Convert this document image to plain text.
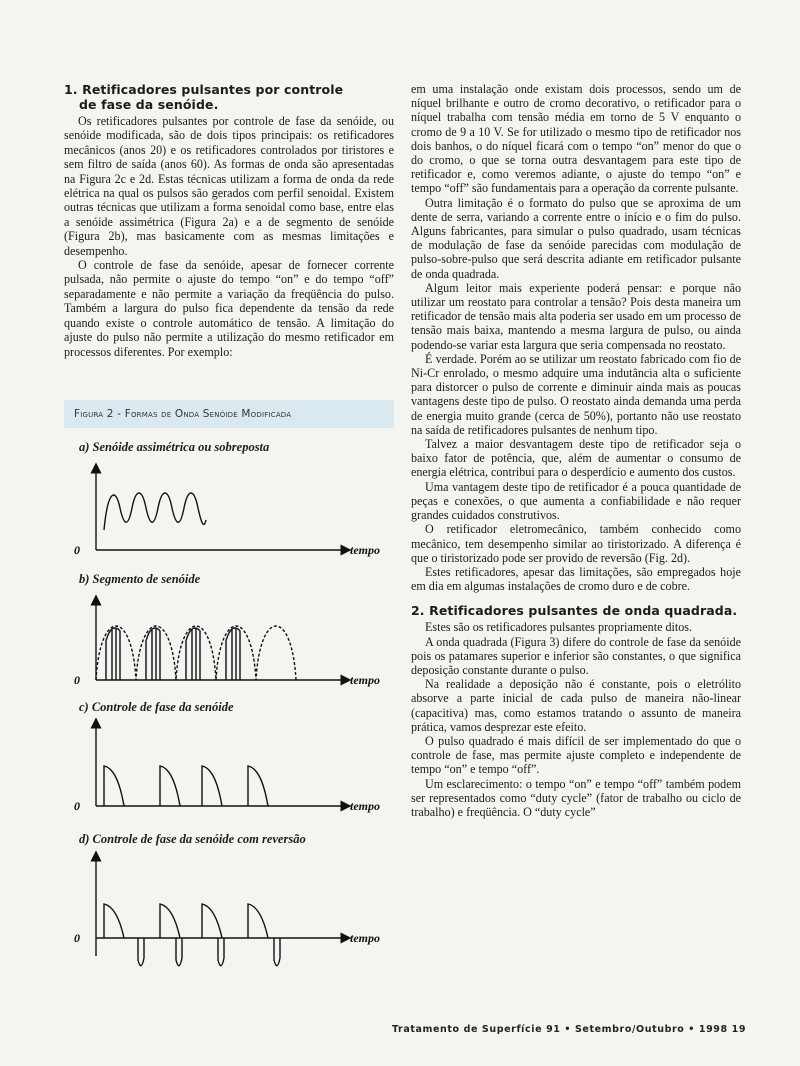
1. Retificadores pulsantes por controle
de fase da senóide.

Os retificadores pulsantes por controle de fase da senóide, ou senóide modificada, são de dois tipos principais: os retificadores mecânicos (anos 20) e os retificadores controlados por tiristores e sem filtro de saída (anos 60). As formas de onda são apresentadas na Figura 2c e 2d. Estas técnicas utilizam a forma de onda da rede elétrica na qual os pulsos são gerados com perfil senoidal. Existem outras técnicas que utilizam a forma senoidal como base, entre elas a senóide assimétrica (Figura 2a) e a de segmento de senóide (Figura 2b), mas basicamente com as mesmas limitações e desempenho.

O controle de fase da senóide, apesar de fornecer corrente pulsada, não permite o ajuste do tempo “on” e do tempo “off” separadamente e não permite a variação da freqüência do pulso. Também a largura do pulso fica dependente da tensão da rede quando existe o controle automático de tensão. A limitação do ajuste do pulso não permite a utilização do mesmo retificador em processos diferentes. Por exemplo:

Figura 2 - Formas de Onda Senóide Modificada
a) Senóide assimétrica ou sobreposta
b) Segmento de senóide
c) Controle de fase da senóide
d) Controle de fase da senóide com reversão
0	tempo
0	tempo
0	tempo
0	tempo

em uma instalação onde existam dois processos, sendo um de níquel brilhante e outro de cromo decorativo, o retificador para o níquel trabalha com tensão média em torno de 5 V enquanto o cromo de 9 a 10 V. Se for utilizado o mesmo tipo de retificador nos dois banhos, o do níquel ficará com o tempo “on” menor do que o do cromo, o que se torna outra desvantagem para este tipo de retificador e, como veremos adiante, o ajuste do tempo “on” e tempo “off” são fundamentais para a operação da corrente pulsante.

Outra limitação é o formato do pulso que se aproxima de um dente de serra, variando a corrente entre o início e o fim do pulso. Alguns fabricantes, para simular o pulso quadrado, usam técnicas de modulação de fase da senóide parecidas com modulação de pulso-sobre-pulso que será descrita adiante em retificador pulsante de onda quadrada.

Algum leitor mais experiente poderá pensar: e porque não utilizar um reostato para controlar a tensão? Pois desta maneira um retificador de tensão mais alta poderia ser usado em um processo de tensão mais baixa, mantendo a mesma largura de pulso, ou ainda podendo-se variar esta largura que seria compensada no reostato.

É verdade. Porém ao se utilizar um reostato fabricado com fio de Ni-Cr enrolado, o mesmo adquire uma indutância alta o suficiente para distorcer o pulso de corrente e diminuir ainda mais as poucas vantagens deste tipo de pulso. O reostato ainda demanda uma perda de energia muito grande (cerca de 50%), portanto não use reostato na saída de retificadores pulsantes de nenhum tipo.

Talvez a maior desvantagem deste tipo de retificador seja o baixo fator de potência, que, além de aumentar o consumo de energia elétrica, contribui para o desperdício e aumento dos custos.

Uma vantagem deste tipo de retificador é a pouca quantidade de peças e conexões, o que aumenta a confiabilidade e não requer grandes cuidados construtivos.

O retificador eletromecânico, também conhecido como mecânico, tem desempenho similar ao tiristorizado. A diferença é que o tiristorizado pode ser provido de reversão (Fig. 2d).

Estes retificadores, apesar das limitações, são empregados hoje em dia em algumas instalações de cromo duro e de cobre.

2. Retificadores pulsantes de onda quadrada.

Estes são os retificadores pulsantes propriamente ditos.

A onda quadrada (Figura 3) difere do controle de fase da senóide pois os patamares superior e inferior são constantes, o que significa deposição constante durante o pulso.

Na realidade a deposição não é constante, pois o eletrólito absorve a parte inicial de cada pulso de maneira não-linear (capacitiva) mas, como estamos tratando o assunto de maneira prática, vamos desprezar este efeito.

O pulso quadrado é mais difícil de ser implementado do que o controle de fase, mas permite ajuste completo e independente de tempo “on” e tempo “off”.

Um esclarecimento: o tempo “on” e tempo “off” também podem ser representados como “duty cycle” (fator de trabalho ou ciclo de trabalho) e freqüência. O “duty cycle”

Tratamento de Superfície 91 • Setembro/Outubro • 1998 19
